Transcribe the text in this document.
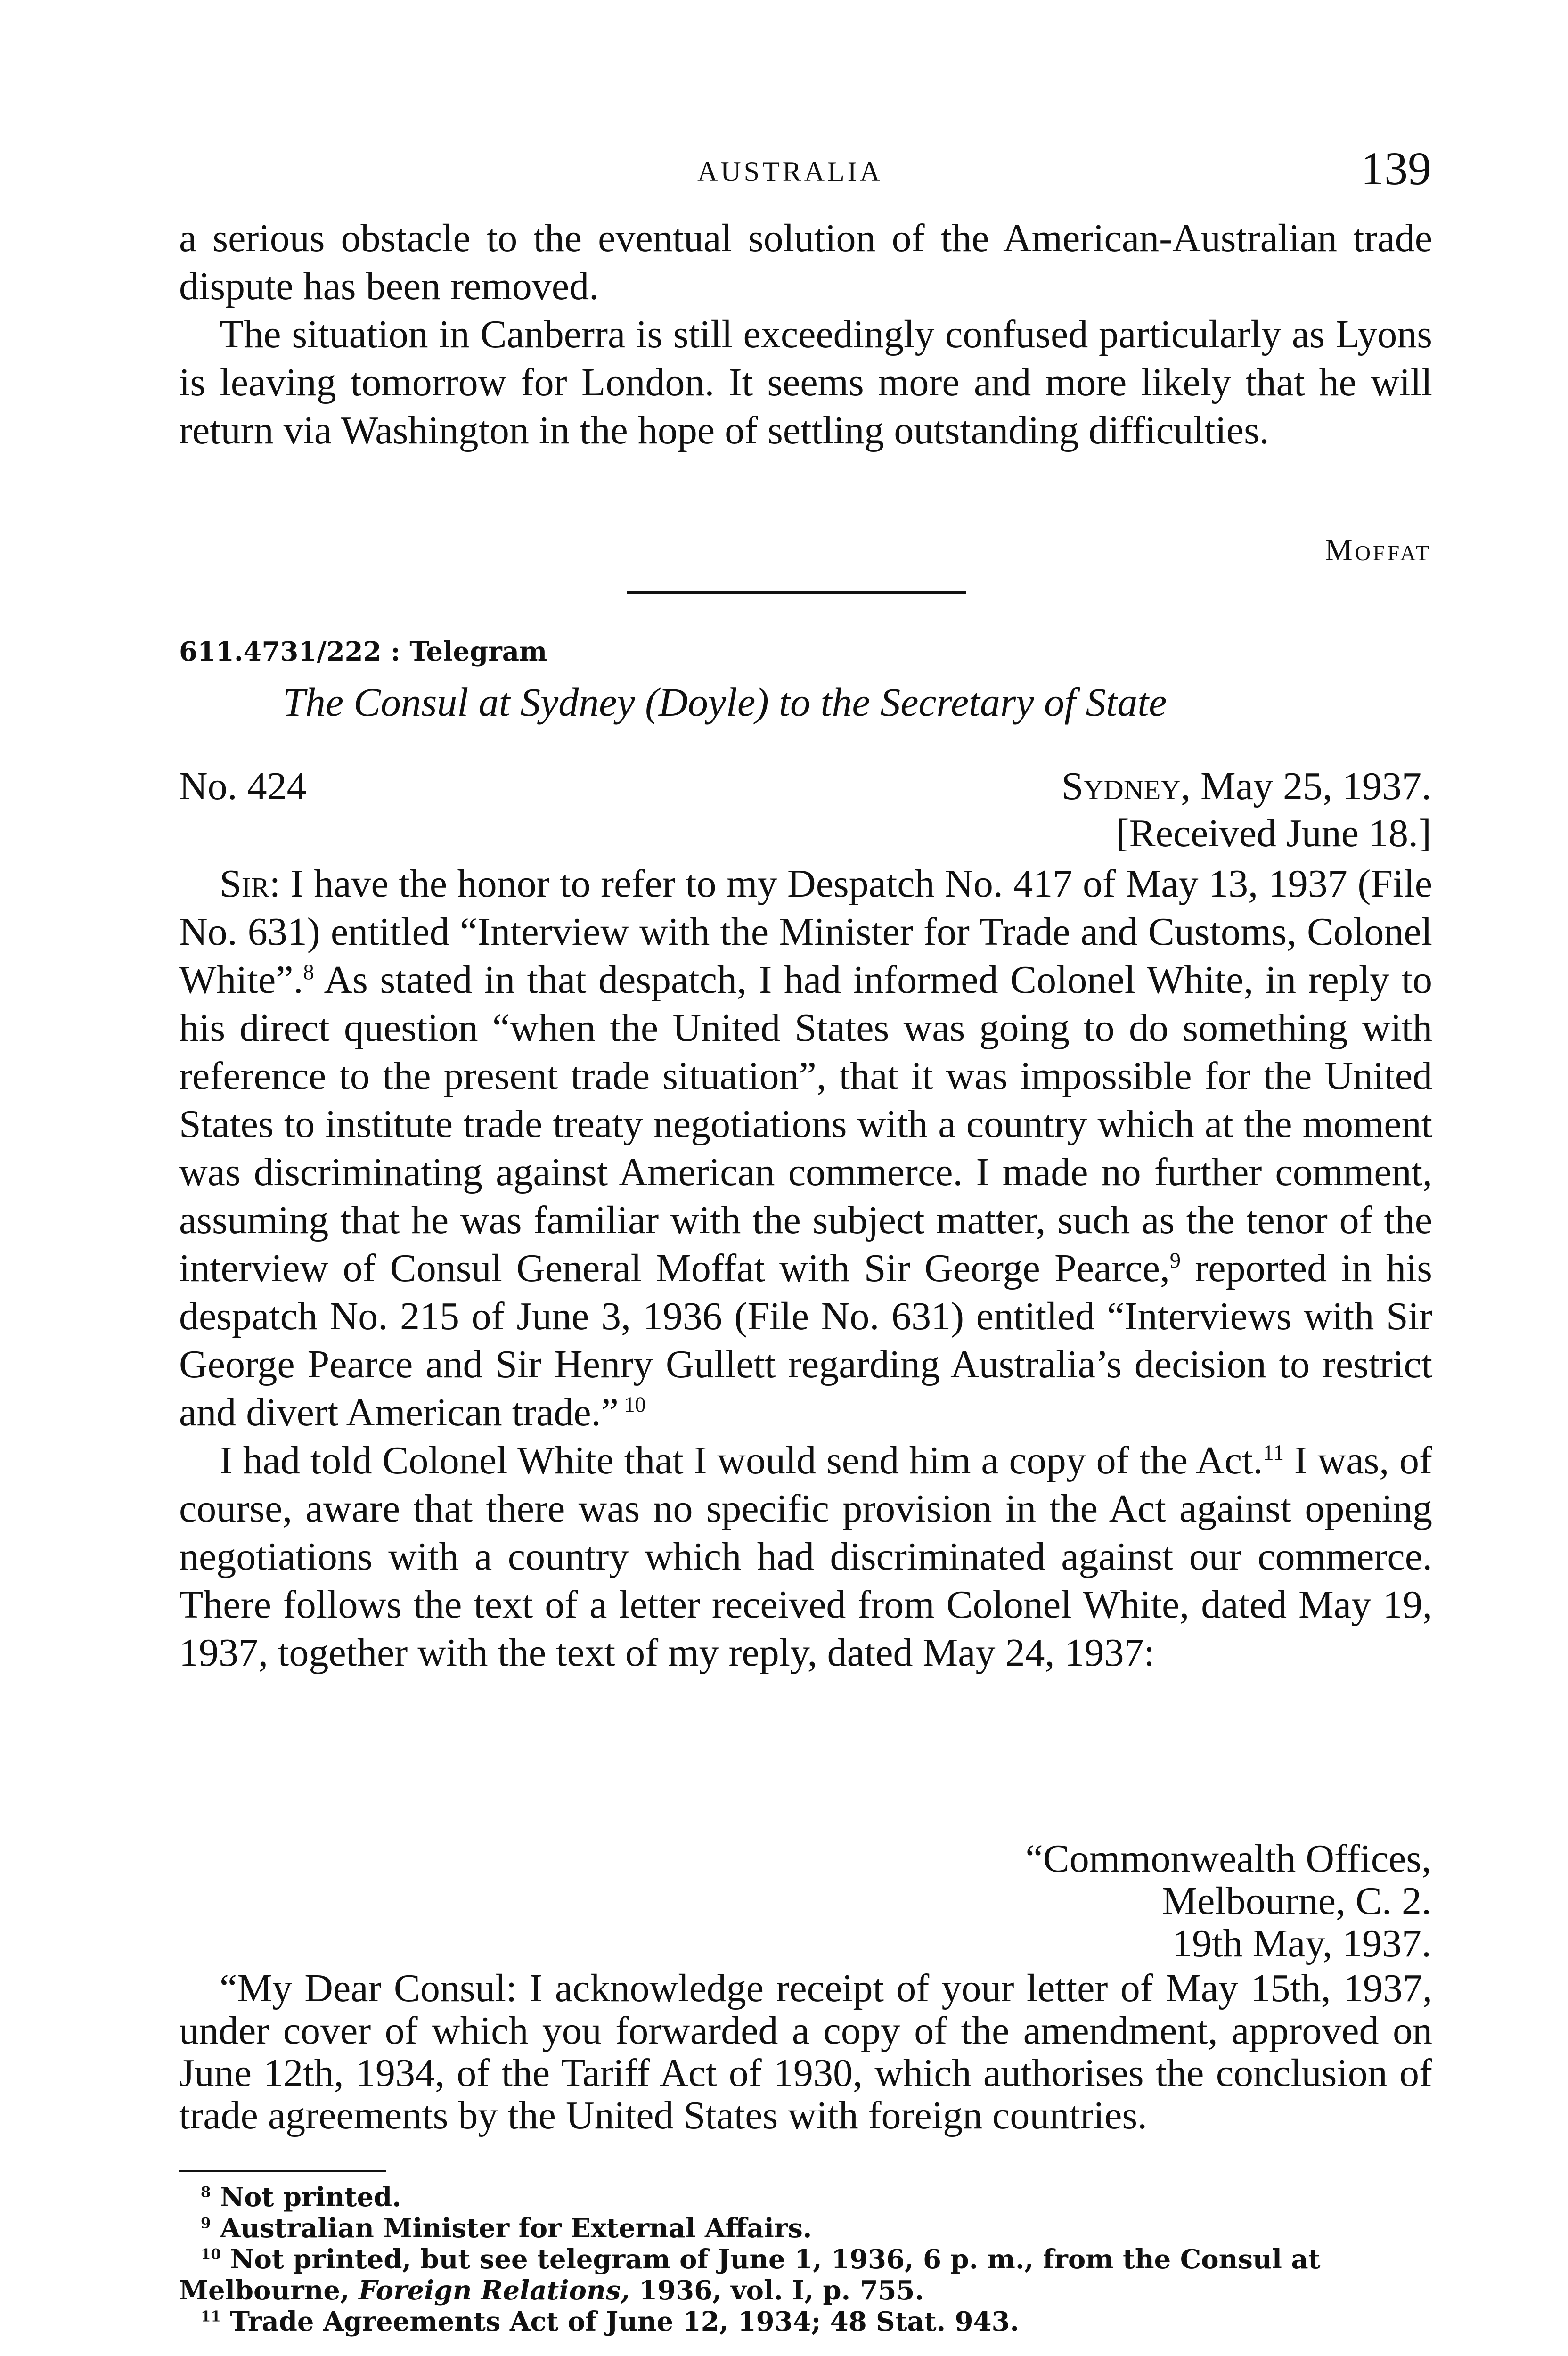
AUSTRALIA	139

a serious obstacle to the eventual solution of the American-Australian trade dispute has been removed.

The situation in Canberra is still exceedingly confused particularly as Lyons is leaving tomorrow for London. It seems more and more likely that he will return via Washington in the hope of settling outstanding difficulties.

Moffat
611.4731/222 : Telegram
The Consul at Sydney (Doyle) to the Secretary of State
No. 424	Sydney, May 25, 1937.
[Received June 18.]

Sir: I have the honor to refer to my Despatch No. 417 of May 13, 1937 (File No. 631) entitled “Interview with the Minister for Trade and Customs, Colonel White”.$^8$ As stated in that despatch, I had informed Colonel White, in reply to his direct question “when the United States was going to do something with reference to the present trade situation”, that it was impossible for the United States to institute trade treaty negotiations with a country which at the moment was discriminating against American commerce. I made no further comment, assuming that he was familiar with the subject matter, such as the tenor of the interview of Consul General Moffat with Sir George Pearce,$^9$ reported in his despatch No. 215 of June 3, 1936 (File No. 631) entitled “Interviews with Sir George Pearce and Sir Henry Gullett regarding Australia’s decision to restrict and divert American trade.” $^{10}$

I had told Colonel White that I would send him a copy of the Act.$^{11}$ I was, of course, aware that there was no specific provision in the Act against opening negotiations with a country which had discriminated against our commerce. There follows the text of a letter received from Colonel White, dated May 19, 1937, together with the text of my reply, dated May 24, 1937:

“Commonwealth Offices,
Melbourne, C. 2.
19th May, 1937.

“My Dear Consul: I acknowledge receipt of your letter of May 15th, 1937, under cover of which you forwarded a copy of the amendment, approved on June 12th, 1934, of the Tariff Act of 1930, which authorises the conclusion of trade agreements by the United States with foreign countries.

$^8$ Not printed.

$^9$ Australian Minister for External Affairs.

$^{10}$ Not printed, but see telegram of June 1, 1936, 6 p. m., from the Consul at Melbourne, Foreign Relations, 1936, vol. I, p. 755.

$^{11}$ Trade Agreements Act of June 12, 1934; 48 Stat. 943.
